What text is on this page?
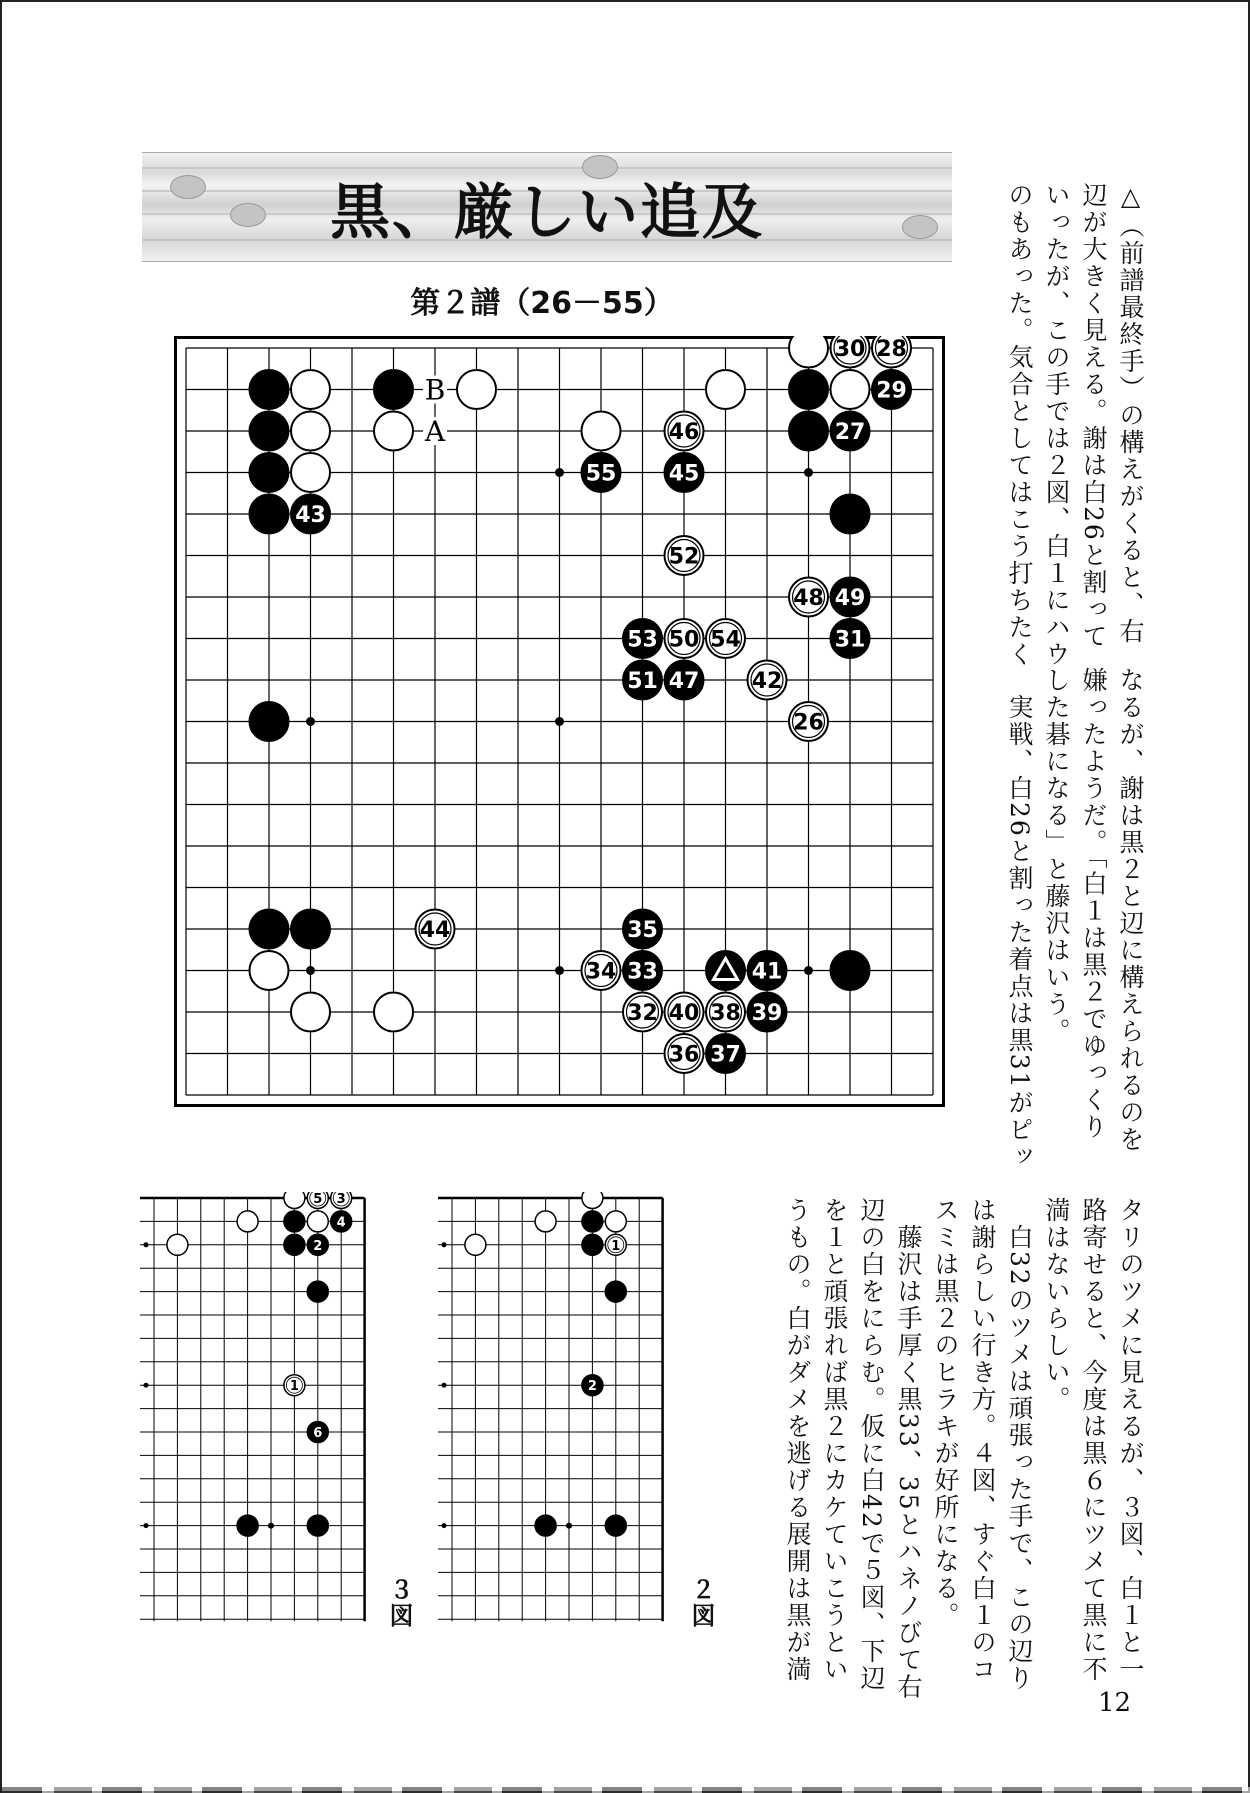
黒、厳しい追及
第２譜（26－55）
B
A
30 28
29
46	27
55 45
43
52
48 49
53 50 54	31
51 47 42
26
44	35
34 33	41
32 40 38 39
36 37
5 3
4
2
1
6
３図
1
2
２図
△（前譜最終手）の構えがくると、右
辺が大きく見える。謝は白26と割って
いったが、この手では２図、白１にハウ
のもあった。気合としてはこう打ちたく
なるが、謝は黒２と辺に構えられるのを
嫌ったようだ。「白１は黒２でゆっくり
した碁になる」と藤沢はいう。
　実戦、白26と割った着点は黒31がピッ
タリのツメに見えるが、３図、白１と一
路寄せると、今度は黒６にツメて黒に不
満はないらしい。
　白32のツメは頑張った手で、この辺り
は謝らしい行き方。４図、すぐ白１のコ
スミは黒２のヒラキが好所になる。
　藤沢は手厚く黒33、35とハネノびて右
辺の白をにらむ。仮に白42で５図、下辺
を１と頑張れば黒２にカケていこうとい
うもの。白がダメを逃げる展開は黒が満
12
